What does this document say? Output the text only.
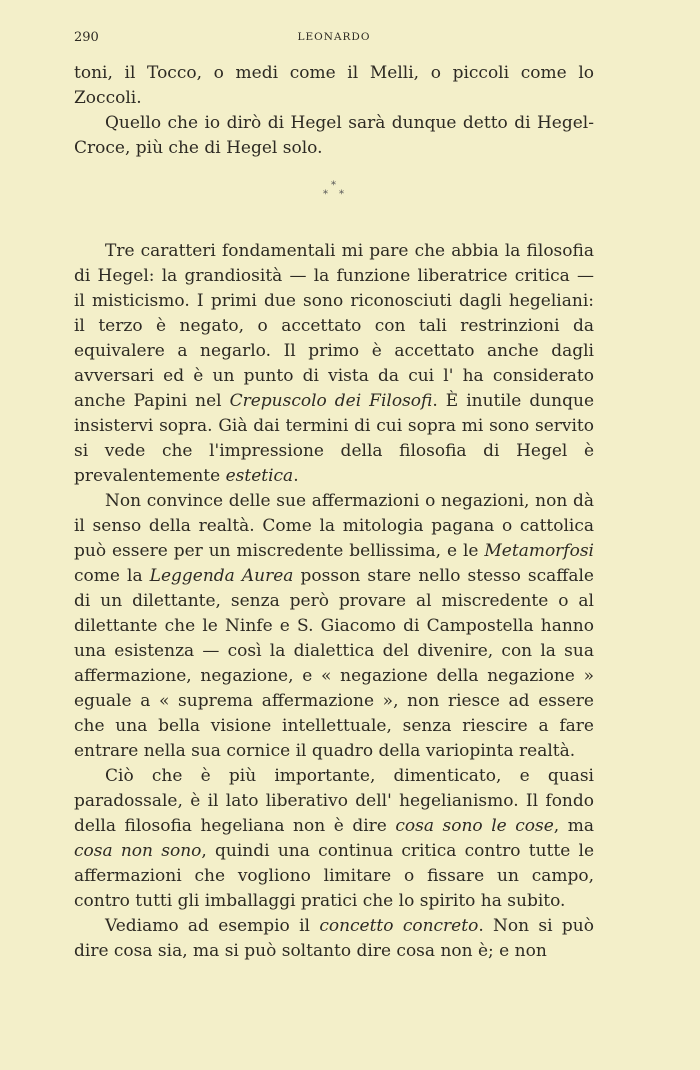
290	LEONARDO

toni, il Tocco, o medi come il Melli, o piccoli come lo Zoccoli.

Quello che io dirò di Hegel sarà dunque detto di Hegel-Croce, più che di Hegel solo.

*
* *

Tre caratteri fondamentali mi pare che abbia la filosofia di Hegel: la grandiosità — la funzione liberatrice critica — il misticismo. I primi due sono riconosciuti dagli hegeliani: il terzo è negato, o accettato con tali restrinzioni da equivalere a negarlo. Il primo è accettato anche dagli avversari ed è un punto di vista da cui l' ha considerato anche Papini nel Crepuscolo dei Filosofi. È inutile dunque insistervi sopra. Già dai termini di cui sopra mi sono servito si vede che l'impressione della filosofia di Hegel è prevalentemente estetica.

Non convince delle sue affermazioni o negazioni, non dà il senso della realtà. Come la mitologia pagana o cattolica può essere per un miscredente bellissima, e le Metamorfosi come la Leggenda Aurea posson stare nello stesso scaffale di un dilettante, senza però provare al miscredente o al dilettante che le Ninfe e S. Giacomo di Campostella hanno una esistenza — così la dialettica del divenire, con la sua affermazione, negazione, e « negazione della negazione » eguale a « suprema affermazione », non riesce ad essere che una bella visione intellettuale, senza riescire a fare entrare nella sua cornice il quadro della variopinta realtà.

Ciò che è più importante, dimenticato, e quasi paradossale, è il lato liberativo dell' hegelianismo. Il fondo della filosofia hegeliana non è dire cosa sono le cose, ma cosa non sono, quindi una continua critica contro tutte le affermazioni che vogliono limitare o fissare un campo, contro tutti gli imballaggi pratici che lo spirito ha subito.

Vediamo ad esempio il concetto concreto. Non si può dire cosa sia, ma si può soltanto dire cosa non è; e non
